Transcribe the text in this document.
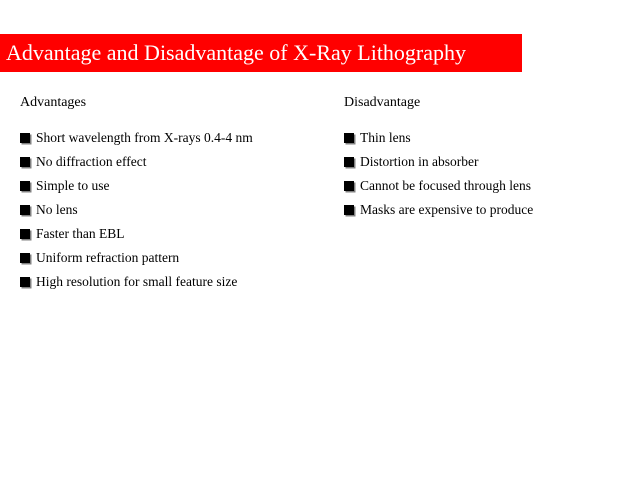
Advantage and Disadvantage of X-Ray Lithography
Advantages
Short wavelength from X-rays 0.4-4 nm
No diffraction effect
Simple to use
No lens
Faster than EBL
Uniform refraction pattern
High resolution for small feature size
Disadvantage
Thin lens
Distortion in absorber
Cannot be focused through lens
Masks are expensive to produce
